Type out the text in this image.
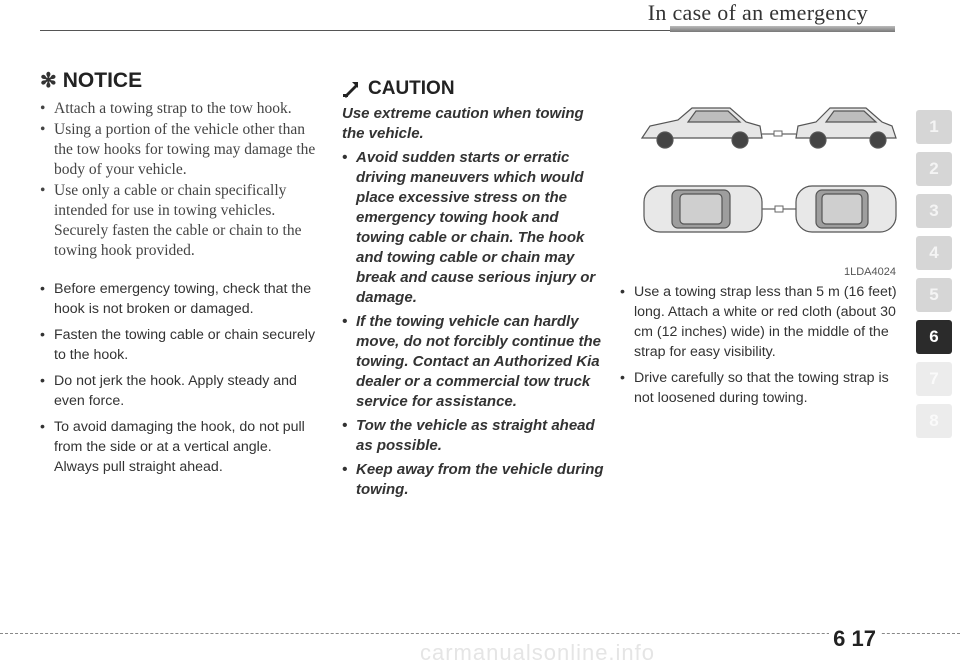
In case of an emergency
✻ NOTICE
• Attach a towing strap to the tow hook.
• Using a portion of the vehicle other than the tow hooks for towing may damage the body of your vehicle.
• Use only a cable or chain specifically intended for use in towing vehicles. Securely fasten the cable or chain to the towing hook provided.
• Before emergency towing, check that the hook is not broken or damaged.
• Fasten the towing cable or chain securely to the hook.
• Do not jerk the hook. Apply steady and even force.
• To avoid damaging the hook, do not pull from the side or at a vertical angle. Always pull straight ahead.
CAUTION

Use extreme caution when towing the vehicle.

• Avoid sudden starts or erratic driving maneuvers which would place excessive stress on the emergency towing hook and towing cable or chain. The hook and towing cable or chain may break and cause serious injury or damage.
• If the towing vehicle can hardly move, do not forcibly continue the towing. Contact an Authorized Kia dealer or a commercial tow truck service for assistance.
• Tow the vehicle as straight ahead as possible.
• Keep away from the vehicle during towing.
1LDA4024
• Use a towing strap less than 5 m (16 feet) long. Attach a white or red cloth (about 30 cm (12 inches) wide) in the middle of the strap for easy visibility.
• Drive carefully so that the towing strap is not loosened during towing.
1
2
3
4
5
6
7
8
6 17
carmanualsonline.info
